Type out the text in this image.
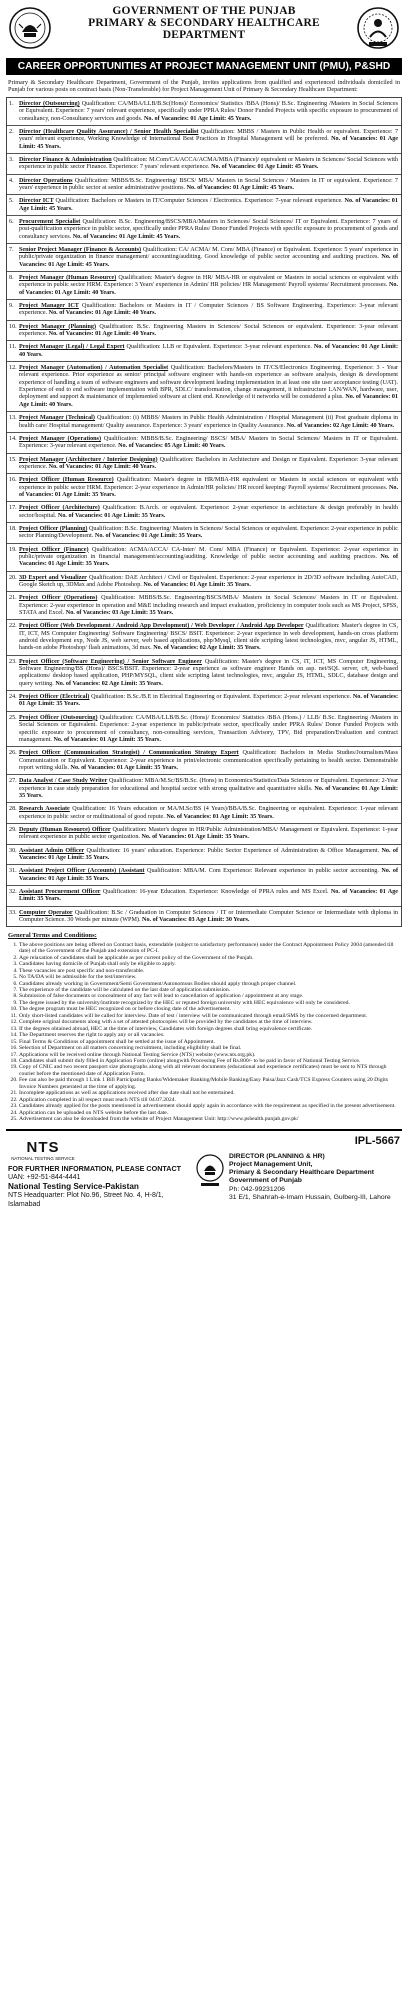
GOVERNMENT OF THE PUNJAB
PRIMARY & SECONDARY HEALTHCARE
DEPARTMENT
CAREER OPPORTUNITIES AT PROJECT MANAGEMENT UNIT (PMU), P&SHD
Primary & Secondary Healthcare Department, Government of the Punjab, invites applications from qualified and experienced individuals domiciled in Punjab for various posts on contract basis (Non-Transferable) for Project Management Unit of Primary & Secondary Healthcare Department:
1. Director (Outsourcing) Qualification: CA/MBA/LLB/B.Sc(Hons)/ Economics/ Statistics /BBA (Hons)/ B.Sc. Engineering /Masters in Social Sciences or Equivalent. Experience: 7 years' relevant experience, specifically under PPRA Rules/ Donor Funded Projects with specific exposure to procurement of consultancy, non-Consultancy services and goods. No. of Vacancies: 01 Age Limit: 45 Years.
2. Director (Healthcare Quality Assurance) / Senior Health Specialist Qualification: MBBS / Masters in Public Health or equivalent. Experience: 7 years' relevant experience, Working Knowledge of International Best Practices in Hospital Management will be preferred. No. of Vacancies: 01 Age Limit: 45 Years.
3. Director Finance & Administration Qualification: M.Com/CA/ACCA/ACMA/MBA (Finance)/ equivalent or Masters in Sciences/ Social Sciences with experience in public sector Finance. Experience: 7 years' relevant experience. No. of Vacancies: 01 Age Limit: 45 Years.
4. Director Operations Qualification: MBBS/B.Sc. Engineering/ BSCS/ MBA/ Masters in Social Sciences / Masters in IT or equivalent. Experience: 7 years' experience in public sector at senior administrative positions. No. of Vacancies: 01 Age Limit: 45 Years.
5. Director ICT Qualification: Bachelors or Masters in IT/Computer Sciences / Electronics. Experience: 7-year relevant experience. No. of Vacancies: 01 Age Limit: 45 Years.
6. Procurement Specialist Qualification: B.Sc. Engineering/BSCS/MBA/Masters in Sciences/ Social Sciences/ IT or Equivalent. Experience: 7 years of post-qualification experience in public sector, specifically under PPRA Rules/ Donor Funded Projects with specific exposure to procurement of goods and consultancy services. No. of Vacancies: 01 Age Limit: 45 Years.
7. Senior Project Manager (Finance & Accounts) Qualification: CA/ ACMA/ M. Com/ MBA (Finance) or Equivalent. Experience: 5 years' experience in public/private organization in finance management/ accounting/auditing. Good knowledge of public sector accounting and auditing practices. No. of Vacancies: 01 Age Limit: 45 Years.
8. Project Manager (Human Resource) Qualification: Master's degree in HR/ MBA-HR or equivalent or Masters in social sciences or equivalent with experience in public sector HRM. Experience: 3 Years' experience in Admin/ HR policies/ HR Management/ Payroll systems/ Recruitment processes. No. of Vacancies: 01 Age Limit: 40 Years.
9. Project Manager ICT Qualification: Bachelors or Masters in IT / Computer Sciences / BS Software Engineering. Experience: 3-year relevant experience. No. of Vacancies: 01 Age Limit: 40 Years.
10. Project Manager (Planning) Qualification: B.Sc. Engineering Masters in Sciences/ Social Sciences or equivalent. Experience: 3-year relevant experience. No. of Vacancies: 01 Age Limit: 40 Years.
11. Project Manager (Legal) / Legal Expert Qualification: LLB or Equivalent. Experience: 3-year relevant experience. No. of Vacancies: 01 Age Limit: 40 Years.
12. Project Manager (Automation) / Automation Specialist Qualification: Bachelors/Masters in IT/CS/Electronics Engineering. Experience: 3 - Year relevant experience. Prior experience as senior/ principal software engineer with hands-on experience as software analysis, design & development experience of handling a team of software engineers and software development leading implementation in at least one site user acceptance testing (UAT). Experience of end to end software implementation with BPR, SDLC/ transformation, change management, it infrastructure LAN/WAN, hardware, user, deployment and support & maintenance of implemented software at client end. Knowledge of it networks will be considered a plus. No. of Vacancies: 01 Age Limit: 40 Years.
13. Project Manager (Technical) Qualification: (i) MBBS/ Masters in Public Health Administration / Hospital Management (ii) Post graduate diploma in health care/ Hospital management/ Quality assurance. Experience: 3 years' experience in Quality Assurance. No. of Vacancies: 02 Age Limit: 40 Years.
14. Project Manager (Operations) Qualification: MBBS/B.Sc. Engineering/ BSCS/ MBA/ Masters in Social Sciences/ Masters in IT or Equivalent. Experience: 3-year relevant experience. No. of Vacancies: 05 Age Limit: 40 Years.
15. Project Manager (Architecture / Interior Designing) Qualification: Bachelors in Architecture and Design or Equivalent. Experience: 3-year relevant experience. No. of Vacancies: 01 Age Limit: 40 Years.
16. Project Officer (Human Resource) Qualification: Master's degree in HR/MBA-HR equivalent or Masters in social sciences or equivalent with experience in public sector HRM. Experience: 2-year experience in Admin/HR policies/ HR record keeping/ Payroll systems/ Recruitment processes. No. of Vacancies: 01 Age Limit: 35 Years.
17. Project Officer (Architecture) Qualification: B.Arch. or equivalent. Experience: 2-year experience in architecture & design preferably in health sector/hospital. No. of Vacancies: 01 Age Limit: 35 Years.
18. Project Officer (Planning) Qualification: B.Sc. Engineering/ Masters in Sciences/ Social Sciences or equivalent. Experience: 2-year experience in public sector Planning/Development. No. of Vacancies: 01 Age Limit: 35 Years.
19. Project Officer (Finance) Qualification: ACMA/ACCA/ CA-Inter/ M. Com/ MBA (Finance) or Equivalent. Experience: 2-year experience in public/private organization in financial management/accounting/auditing. Knowledge of public sector accounting and auditing practices. No. of Vacancies: 01 Age Limit: 35 Years.
20. 3D Expert and Visualizer Qualification: DAE Architect / Civil or Equivalent. Experience: 2-year experience in 2D/3D software including AutoCAD, Google Sketch up, 3DMax and Adobe Photoshop. No. of Vacancies: 01 Age Limit: 35 Years.
21. Project Officer (Operations) Qualification: MBBS/B.Sc. Engineering/BSCS/MBA/ Masters in Social Sciences/ Masters in IT or Equivalent. Experience: 2-year experience in operation and M&E including research and impact evaluation, proficiency in computer tools such as MS Project, SPSS, STATA and Excel. No. of Vacancies: 03 Age Limit: 35 Years.
22. Project Officer (Web Development / Android App Development) / Web Developer / Android App Developer Qualification: Master's degree in CS, IT, ICT, MS Computer Engineering/ Software Engineering/ BSCS/ BSIT. Experience: 2-year experience in web development, hands-on cross platform android development exp, Node JS, web server, web based applications, php/Mysql, client side scripting latest technologies, mvc, angular JS, HTML, hands-on adobe Photoshop/ flash animations, 3d max. No. of Vacancies: 02 Age Limit: 35 Years.
23. Project Officer (Software Engineering) / Senior Software Engineer Qualification: Master's degree in CS, IT, ICT, MS Computer Engineering, Software Engineering/BS (Hons)/ BSCS/BSIT. Experience: 2-year experience as software engineer Hands on asp. net/SQL server, c#, web-based applications/ desktop based application, PHP/MYSQL, client side scripting latest technologies, mvc, angular JS, HTML, SDLC, database design and query writing. No. of Vacancies: 02 Age Limit: 35 Years.
24. Project Officer (Electrical) Qualification: B.Sc./B.E in Electrical Engineering or Equivalent. Experience: 2-year relevant experience. No. of Vacancies: 01 Age Limit: 35 Years.
25. Project Officer (Outsourcing) Qualification: CA/MBA/LLB/B.Sc. (Hons)/ Economics/ Statistics /BBA (Hons.) / LLB/ B.Sc. Engineering /Masters in Social Sciences or Equivalent. Experience: 2-year experience in public/private sector, specifically under PPRA Rules/ Donor Funded Projects with specific exposure to procurement of consultancy, non-consulting services, Transaction Advisory, TPV, Bid preparation/Evaluation and contract management. No. of Vacancies: 01 Age Limit: 35 Years.
26. Project Officer (Communication Strategist) / Communication Strategy Expert Qualification: Bachelors in Media Studies/Journalism/Mass Communication or Equivalent. Experience: 2-year experience in print/electronic communication specifically pertaining to health sector. Demonstrable report writing skills. No. of Vacancies: 01 Age Limit: 35 Years.
27. Data Analyst / Case Study Writer Qualification: MBA/M.Sc/BS/B.Sc. (Hons) in Economics/Statistics/Data Sciences or Equivalent. Experience: 2-Year experience in case study preparation for educational and hospital sector with strong qualitative and quantitative skills. No. of Vacancies: 01 Age Limit: 35 Years.
28. Research Associate Qualification: 16 Years education or MA/M.Sc/BS (4 Years)/BBA/B.Sc. Engineering or equivalent. Experience: 1-year relevant experience in public sector or multinational of good repute. No. of Vacancies: 01 Age Limit: 35 Years.
29. Deputy (Human Resource) Officer Qualification: Master's degree in HR/Public Administration/MBA/ Management or Equivalent. Experience: 1-year relevant experience in public sector organization. No. of Vacancies: 01 Age Limit: 35 Years.
30. Assistant Admin Officer Qualification: 16 years' education. Experience: Public Sector Experience of Administration & Office Management. No. of Vacancies: 01 Age Limit: 35 Years.
31. Assistant Project Officer (Accounts) (Assistant Qualification: MBA/M. Com Experience: Relevant experience in public sector accounting. No. of Vacancies: 01 Age Limit: 35 Years.
32. Assistant Procurement Officer Qualification: 16-year Education. Experience: Knowledge of PPRA rules and MS Excel. No. of Vacancies: 01 Age Limit: 35 Years.
33. Computer Operator Qualification: B.Sc / Graduation in Computer Sciences / IT or Intermediate Computer Science or Intermediate with diploma in Computer Science. 30 Words per minute (WPM). No. of Vacancies: 03 Age Limit: 30 Years.
General Terms and Conditions:
1. The above positions are being offered on Contract basis, extendable (subject to satisfactory performance) under the Contract Appointment Policy 2004 (amended till date) of the Government of the Punjab and extension of PC-I.
2. Age relaxation of candidates shall be applicable as per current policy of the Government of the Punjab.
3. Candidates having domicile of Punjab shall only be eligible to apply.
4. These vacancies are post specific and non-transferable.
5. No TA/DA will be admissible for the test/interview.
6. Candidates already working in Government/Semi Government/Autonomous Bodies should apply through proper channel.
7. The experience of the candidate will be calculated on the last date of application submission.
8. Submission of false documents or concealment of any fact will lead to cancellation of application / appointment at any stage.
9. The degree issued by the university/institute recognized by the HEC or reputed foreign university with HEC equivalence will only be considered.
10. The degree program must be HEC recognized on or before closing date of the advertisement.
11. Only short-listed candidates will be called for interview. Date of test / interview will be communicated through email/SMS by the concerned department.
12. Complete original documents along with a set of attested photocopies will be provided by the candidates at the time of interview.
13. If the degrees obtained abroad, HEC at the time of interview, Candidates with foreign degrees shall bring equivalence certificate.
14. The Department reserves the right to apply any or all vacancies.
15. Final Terms & Conditions of appointment shall be settled at the issue of Appointment.
16. Selection of Department on all matters concerning recruitment, including eligibility shall be final.
17. Applications will be received online through National Testing Service (NTS) website (www.nts.org.pk).
18. Candidates shall submit duly filled in Application Form (online) alongwith Processing Fee of Rs.800/- to be paid in favor of National Testing Service.
19. Copy of CNIC and two recent passport size photographs along with all relevant documents (educational and experience certificates) must be sent to NTS through courier before the mentioned date of Application Form.
20. Fee can also be paid through 1 Link 1 Bill Participating Banks/Widemaker Banking/Mobile Banking/Easy Paisa/Jazz Cash/TCS Express Counters using 20 Digits Invoice Numbers generated at the time of applying.
21. Incomplete applications as well as applications received after due date shall not be entertained.
22. Application completed in all respect must reach NTS till 04.07.2024.
23. Candidates already applied for the posts mentioned in advertisement should apply again in accordance with the requirement as specified in the present advertisement.
24. Application can be uploaded on NTS website before the last date.
25. Advertisement can also be downloaded from the website of Project Management Unit: http://www.pshealth.punjab.gov.pk/
NTS
NATIONAL TESTING SERVICE
FOR FURTHER INFORMATION, PLEASE CONTACT
UAN: +92-51-844-4441
National Testing Service-Pakistan
NTS Headquarter: Plot No.96, Street No. 4, H-8/1,
Islamabad
IPL-5667
DIRECTOR (PLANNING & HR)
Project Management Unit,
Primary & Secondary Healthcare Department
Government of Punjab
Ph: 042-99231206
31 E/1, Shahrah-e-Imam Hussain, Gulberg-III, Lahore
